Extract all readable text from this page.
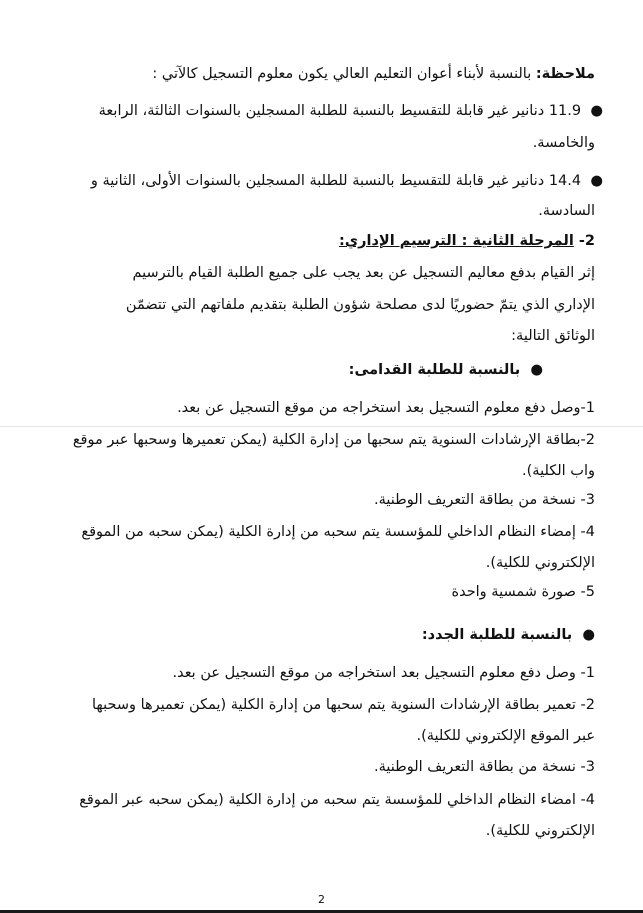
ملاحظة: بالنسبة لأبناء أعوان التعليم العالي يكون معلوم التسجيل كالآتي :
●  11.9 دنانير غير قابلة للتقسيط بالنسبة للطلبة المسجلين بالسنوات الثالثة، الرابعة
والخامسة.
●  14.4 دنانير غير قابلة للتقسيط بالنسبة للطلبة المسجلين بالسنوات الأولى، الثانية و
السادسة.
2- المرحلة الثانية : الترسيم الإداري:
إثر القيام بدفع معاليم التسجيل عن بعد يجب على جميع الطلبة القيام بالترسيم
الإداري الذي يتمّ حضوريًا لدى مصلحة شؤون الطلبة بتقديم ملفاتهم التي تتضمّن
الوثائق التالية:
●  بالنسبة للطلبة القدامى:
1-وصل دفع معلوم التسجيل بعد استخراجه من موقع التسجيل عن بعد.
2-بطاقة الإرشادات السنوية يتم سحبها من إدارة الكلية (يمكن تعميرها وسحبها عبر موقع
واب الكلية).
3- نسخة من بطاقة التعريف الوطنية.
4- إمضاء النظام الداخلي للمؤسسة يتم سحبه من إدارة الكلية (يمكن سحبه من الموقع
الإلكتروني للكلية).
5- صورة شمسية واحدة
●  بالنسبة للطلبة الجدد:
1- وصل دفع معلوم التسجيل بعد استخراجه من موقع التسجيل عن بعد.
2- تعمير بطاقة الإرشادات السنوية يتم سحبها من إدارة الكلية (يمكن تعميرها وسحبها
عبر الموقع الإلكتروني للكلية).
3- نسخة من بطاقة التعريف الوطنية.
4- امضاء النظام الداخلي للمؤسسة يتم سحبه من إدارة الكلية (يمكن سحبه عبر الموقع
الإلكتروني للكلية).
2
